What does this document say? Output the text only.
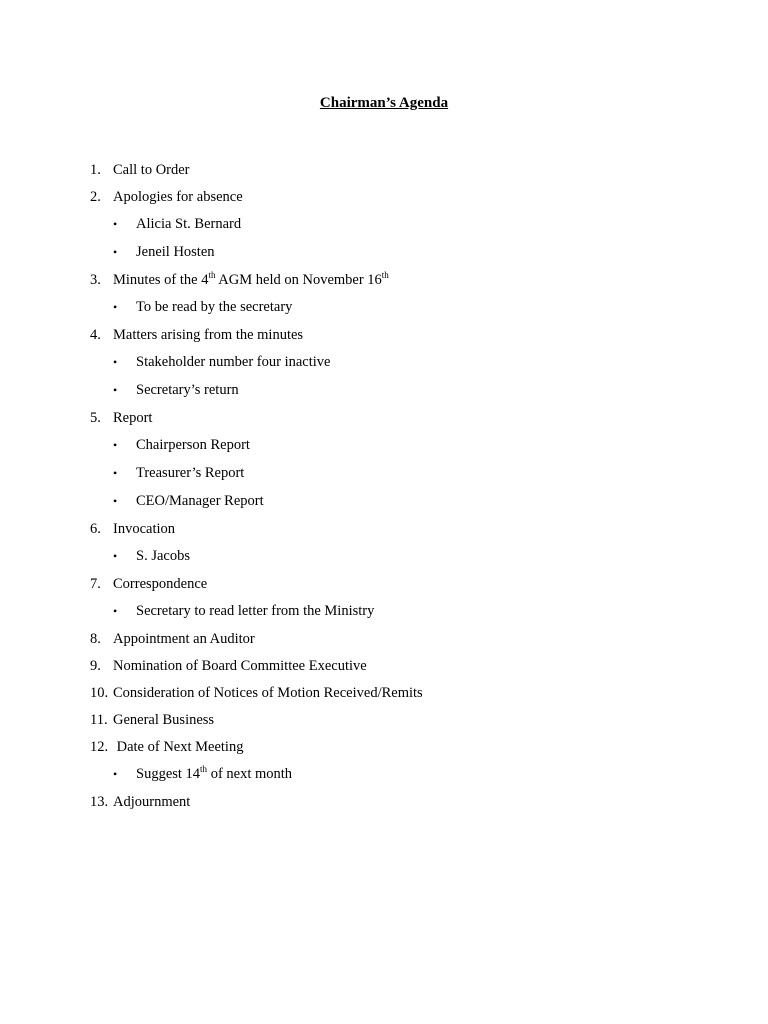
Chairman’s Agenda
1. Call to Order
2. Apologies for absence
• Alicia St. Bernard
• Jeneil Hosten
3. Minutes of the 4th AGM held on November 16th
• To be read by the secretary
4. Matters arising from the minutes
• Stakeholder number four inactive
• Secretary’s return
5. Report
• Chairperson Report
• Treasurer’s Report
• CEO/Manager Report
6. Invocation
• S. Jacobs
7. Correspondence
• Secretary to read letter from the Ministry
8. Appointment an Auditor
9. Nomination of Board Committee Executive
10. Consideration of Notices of Motion Received/Remits
11. General Business
12. Date of Next Meeting
• Suggest 14th of next month
13. Adjournment
